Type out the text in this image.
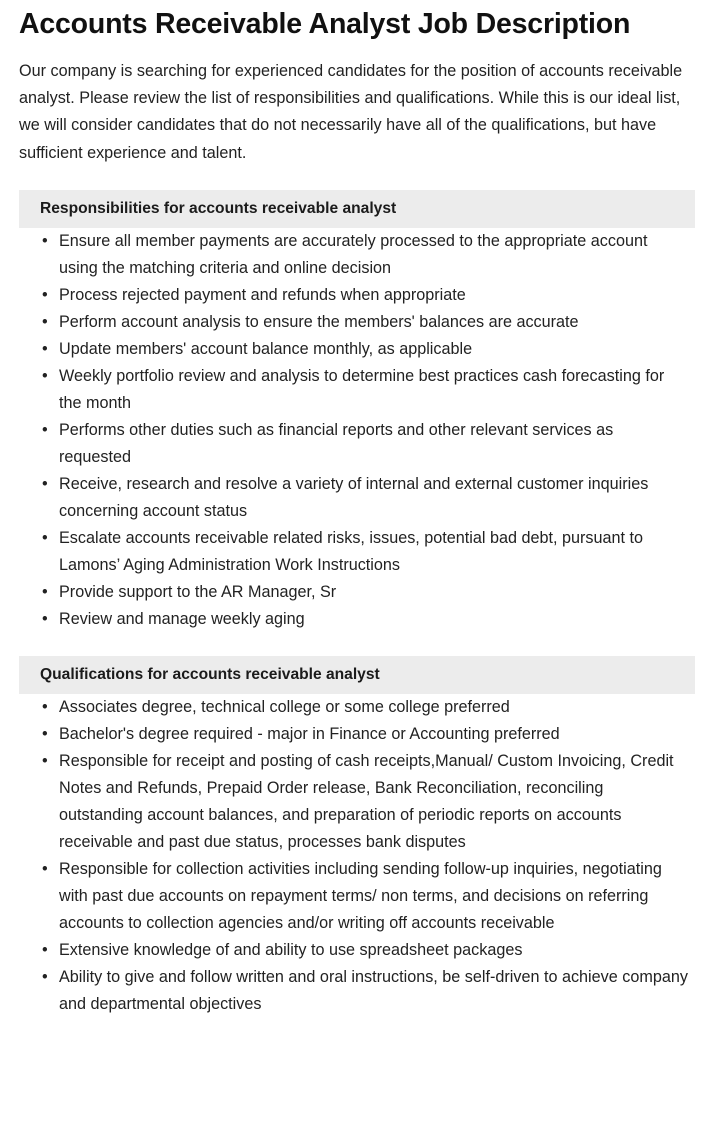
Accounts Receivable Analyst Job Description

Our company is searching for experienced candidates for the position of accounts receivable analyst. Please review the list of responsibilities and qualifications. While this is our ideal list, we will consider candidates that do not necessarily have all of the qualifications, but have sufficient experience and talent.

Responsibilities for accounts receivable analyst
• Ensure all member payments are accurately processed to the appropriate account using the matching criteria and online decision
• Process rejected payment and refunds when appropriate
• Perform account analysis to ensure the members' balances are accurate
• Update members' account balance monthly, as applicable
• Weekly portfolio review and analysis to determine best practices cash forecasting for the month
• Performs other duties such as financial reports and other relevant services as requested
• Receive, research and resolve a variety of internal and external customer inquiries concerning account status
• Escalate accounts receivable related risks, issues, potential bad debt, pursuant to Lamons’ Aging Administration Work Instructions
• Provide support to the AR Manager, Sr
• Review and manage weekly aging
Qualifications for accounts receivable analyst
• Associates degree, technical college or some college preferred
• Bachelor's degree required - major in Finance or Accounting preferred
• Responsible for receipt and posting of cash receipts,Manual/ Custom Invoicing, Credit Notes and Refunds, Prepaid Order release, Bank Reconciliation, reconciling outstanding account balances, and preparation of periodic reports on accounts receivable and past due status, processes bank disputes
• Responsible for collection activities including sending follow-up inquiries, negotiating with past due accounts on repayment terms/ non terms, and decisions on referring accounts to collection agencies and/or writing off accounts receivable
• Extensive knowledge of and ability to use spreadsheet packages
• Ability to give and follow written and oral instructions, be self-driven to achieve company and departmental objectives
